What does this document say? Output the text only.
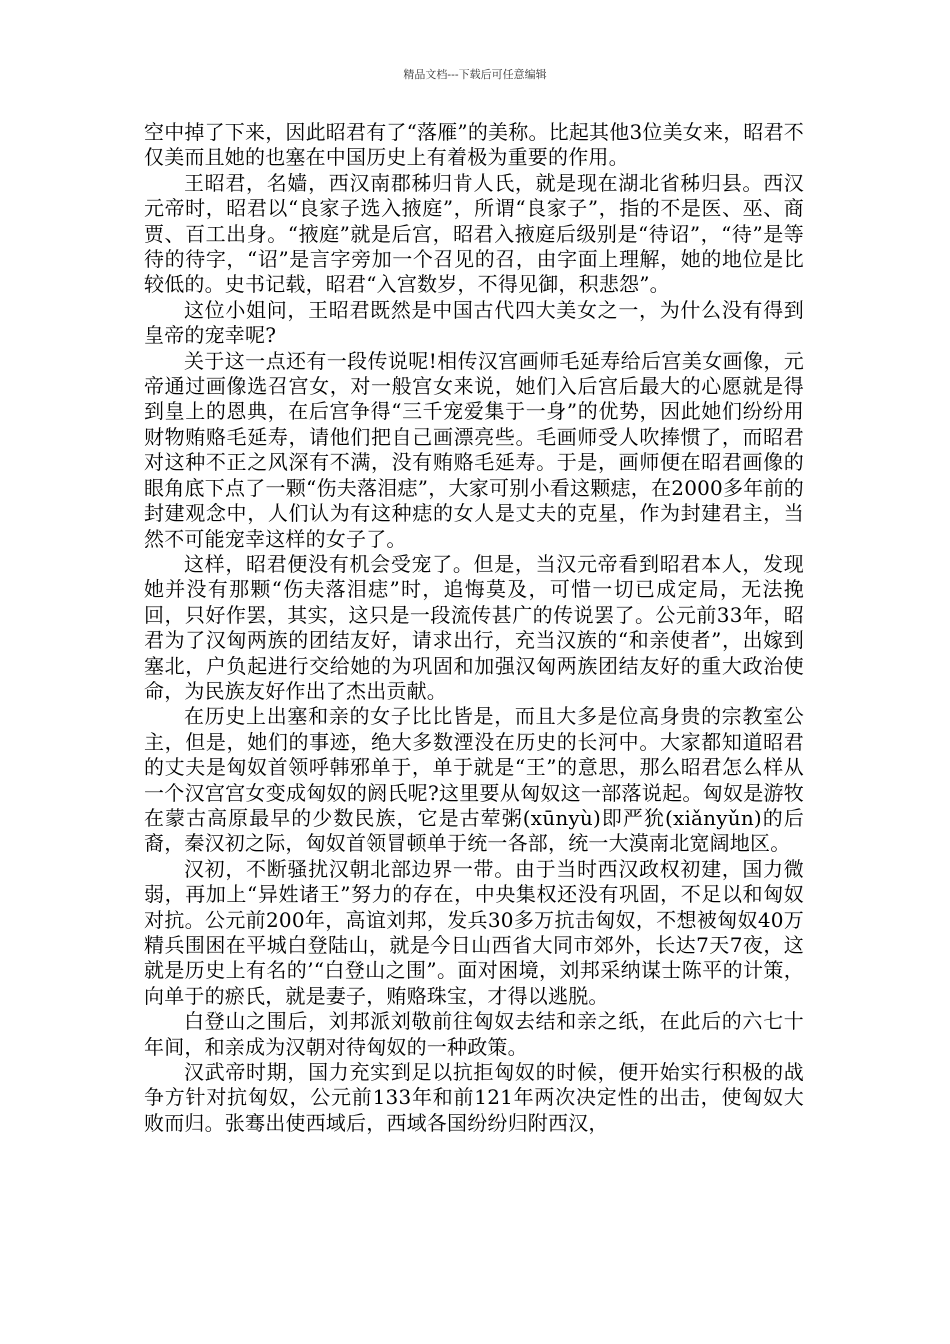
精品文档---下载后可任意编辑

空中掉了下来，因此昭君有了“落雁”的美称。比起其他3位美女来，昭君不仅美而且她的也塞在中国历史上有着极为重要的作用。

王昭君，名嫱，西汉南郡秭归肯人氏，就是现在湖北省秭归县。西汉元帝时，昭君以“良家子选入掖庭”，所谓“良家子”，指的不是医、巫、商贾、百工出身。“掖庭”就是后宫，昭君入掖庭后级别是“待诏”，“待”是等待的待字，“诏”是言字旁加一个召见的召，由字面上理解，她的地位是比较低的。史书记载，昭君“入宫数岁，不得见御，积悲怨”。

这位小姐问，王昭君既然是中国古代四大美女之一，为什么没有得到皇帝的宠幸呢?

关于这一点还有一段传说呢!相传汉宫画师毛延寿给后宫美女画像，元帝通过画像选召宫女，对一般宫女来说，她们入后宫后最大的心愿就是得到皇上的恩典，在后宫争得“三千宠爱集于一身”的优势，因此她们纷纷用财物贿赂毛延寿，请他们把自己画漂亮些。毛画师受人吹捧惯了，而昭君对这种不正之风深有不满，没有贿赂毛延寿。于是，画师便在昭君画像的眼角底下点了一颗“伤夫落泪痣”，大家可别小看这颗痣，在2000多年前的封建观念中，人们认为有这种痣的女人是丈夫的克星，作为封建君主，当然不可能宠幸这样的女子了。

这样，昭君便没有机会受宠了。但是，当汉元帝看到昭君本人，发现她并没有那颗“伤夫落泪痣”时，追悔莫及，可惜一切已成定局，无法挽回，只好作罢，其实，这只是一段流传甚广的传说罢了。公元前33年，昭君为了汉匈两族的团结友好，请求出行，充当汉族的“和亲使者”，出嫁到塞北，户负起进行交给她的为巩固和加强汉匈两族团结友好的重大政治使命，为民族友好作出了杰出贡献。

在历史上出塞和亲的女子比比皆是，而且大多是位高身贵的宗教室公主，但是，她们的事迹，绝大多数湮没在历史的长河中。大家都知道昭君的丈夫是匈奴首领呼韩邪单于，单于就是“王”的意思，那么昭君怎么样从一个汉宫宫女变成匈奴的阏氏呢?这里要从匈奴这一部落说起。匈奴是游牧在蒙古高原最早的少数民族，它是古荤粥(xūnyù)即严狁(xiǎnyǔn)的后裔，秦汉初之际，匈奴首领冒顿单于统一各部，统一大漠南北宽阔地区。

汉初，不断骚扰汉朝北部边界一带。由于当时西汉政权初建，国力微弱，再加上“异姓诸王”努力的存在，中央集权还没有巩固，不足以和匈奴对抗。公元前200年，高谊刘邦，发兵30多万抗击匈奴，不想被匈奴40万精兵围困在平城白登陆山，就是今日山西省大同市郊外，长达7天7夜，这就是历史上有名的’“白登山之围”。面对困境，刘邦采纳谋士陈平的计策，向单于的瘀氏，就是妻子，贿赂珠宝，才得以逃脱。

白登山之围后，刘邦派刘敬前往匈奴去结和亲之纸，在此后的六七十年间，和亲成为汉朝对待匈奴的一种政策。

汉武帝时期，国力充实到足以抗拒匈奴的时候，便开始实行积极的战争方针对抗匈奴，公元前133年和前121年两次决定性的出击，使匈奴大败而归。张骞出使西域后，西域各国纷纷归附西汉，
